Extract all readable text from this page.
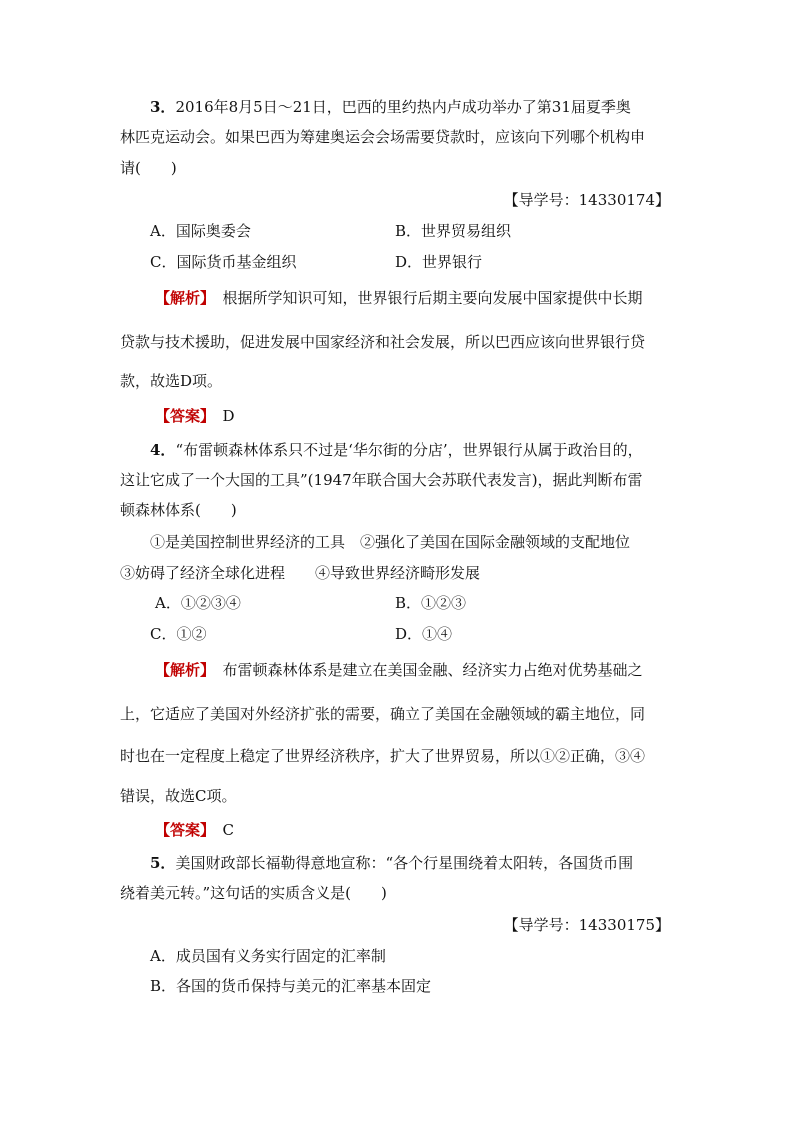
3．2016年8月5日～21日，巴西的里约热内卢成功举办了第31届夏季奥
林匹克运动会。如果巴西为筹建奥运会会场需要贷款时，应该向下列哪个机构申
请(　　)
【导学号：14330174】
A．国际奥委会	B．世界贸易组织
C．国际货币基金组织	D．世界银行
【解析】　 根据所学知识可知，世界银行后期主要向发展中国家提供中长期
贷款与技术援助，促进发展中国家经济和社会发展，所以巴西应该向世界银行贷
款，故选D项。
【答案】　 D
4．“布雷顿森林体系只不过是‘华尔街的分店’，世界银行从属于政治目的，
这让它成了一个大国的工具”(1947年联合国大会苏联代表发言)，据此判断布雷
顿森林体系(　　)
①是美国控制世界经济的工具　②强化了美国在国际金融领域的支配地位
③妨碍了经济全球化进程　　④导致世界经济畸形发展
A．①②③④	B．①②③
C．①②	D．①④
【解析】　 布雷顿森林体系是建立在美国金融、经济实力占绝对优势基础之
上，它适应了美国对外经济扩张的需要，确立了美国在金融领域的霸主地位，同
时也在一定程度上稳定了世界经济秩序，扩大了世界贸易，所以①②正确，③④
错误，故选C项。
【答案】　 C
5．美国财政部长福勒得意地宣称：“各个行星围绕着太阳转，各国货币围
绕着美元转。”这句话的实质含义是(　　)
【导学号：14330175】
A．成员国有义务实行固定的汇率制
B．各国的货币保持与美元的汇率基本固定
